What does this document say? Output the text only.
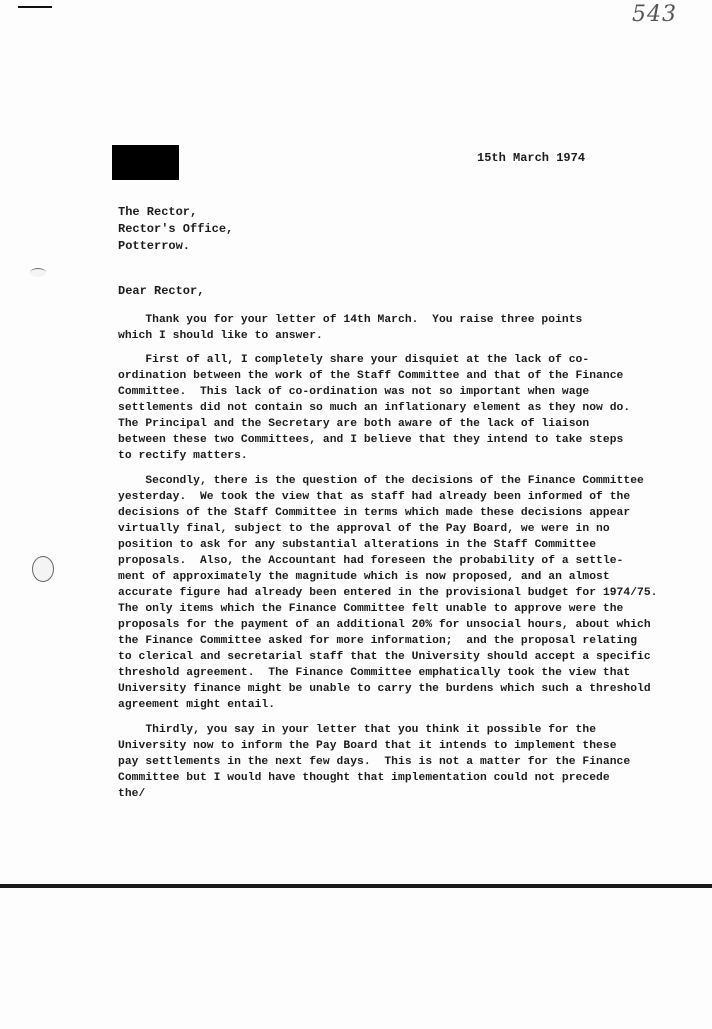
543
15th March 1974
The Rector,
Rector's Office,
Potterrow.
Dear Rector,
Thank you for your letter of 14th March.  You raise three points
which I should like to answer.
First of all, I completely share your disquiet at the lack of co-
ordination between the work of the Staff Committee and that of the Finance
Committee.  This lack of co-ordination was not so important when wage
settlements did not contain so much an inflationary element as they now do.
The Principal and the Secretary are both aware of the lack of liaison
between these two Committees, and I believe that they intend to take steps
to rectify matters.
Secondly, there is the question of the decisions of the Finance Committee
yesterday.  We took the view that as staff had already been informed of the
decisions of the Staff Committee in terms which made these decisions appear
virtually final, subject to the approval of the Pay Board, we were in no
position to ask for any substantial alterations in the Staff Committee
proposals.  Also, the Accountant had foreseen the probability of a settle-
ment of approximately the magnitude which is now proposed, and an almost
accurate figure had already been entered in the provisional budget for 1974/75.
The only items which the Finance Committee felt unable to approve were the
proposals for the payment of an additional 20% for unsocial hours, about which
the Finance Committee asked for more information;  and the proposal relating
to clerical and secretarial staff that the University should accept a specific
threshold agreement.  The Finance Committee emphatically took the view that
University finance might be unable to carry the burdens which such a threshold
agreement might entail.
Thirdly, you say in your letter that you think it possible for the
University now to inform the Pay Board that it intends to implement these
pay settlements in the next few days.  This is not a matter for the Finance
Committee but I would have thought that implementation could not precede
the/
